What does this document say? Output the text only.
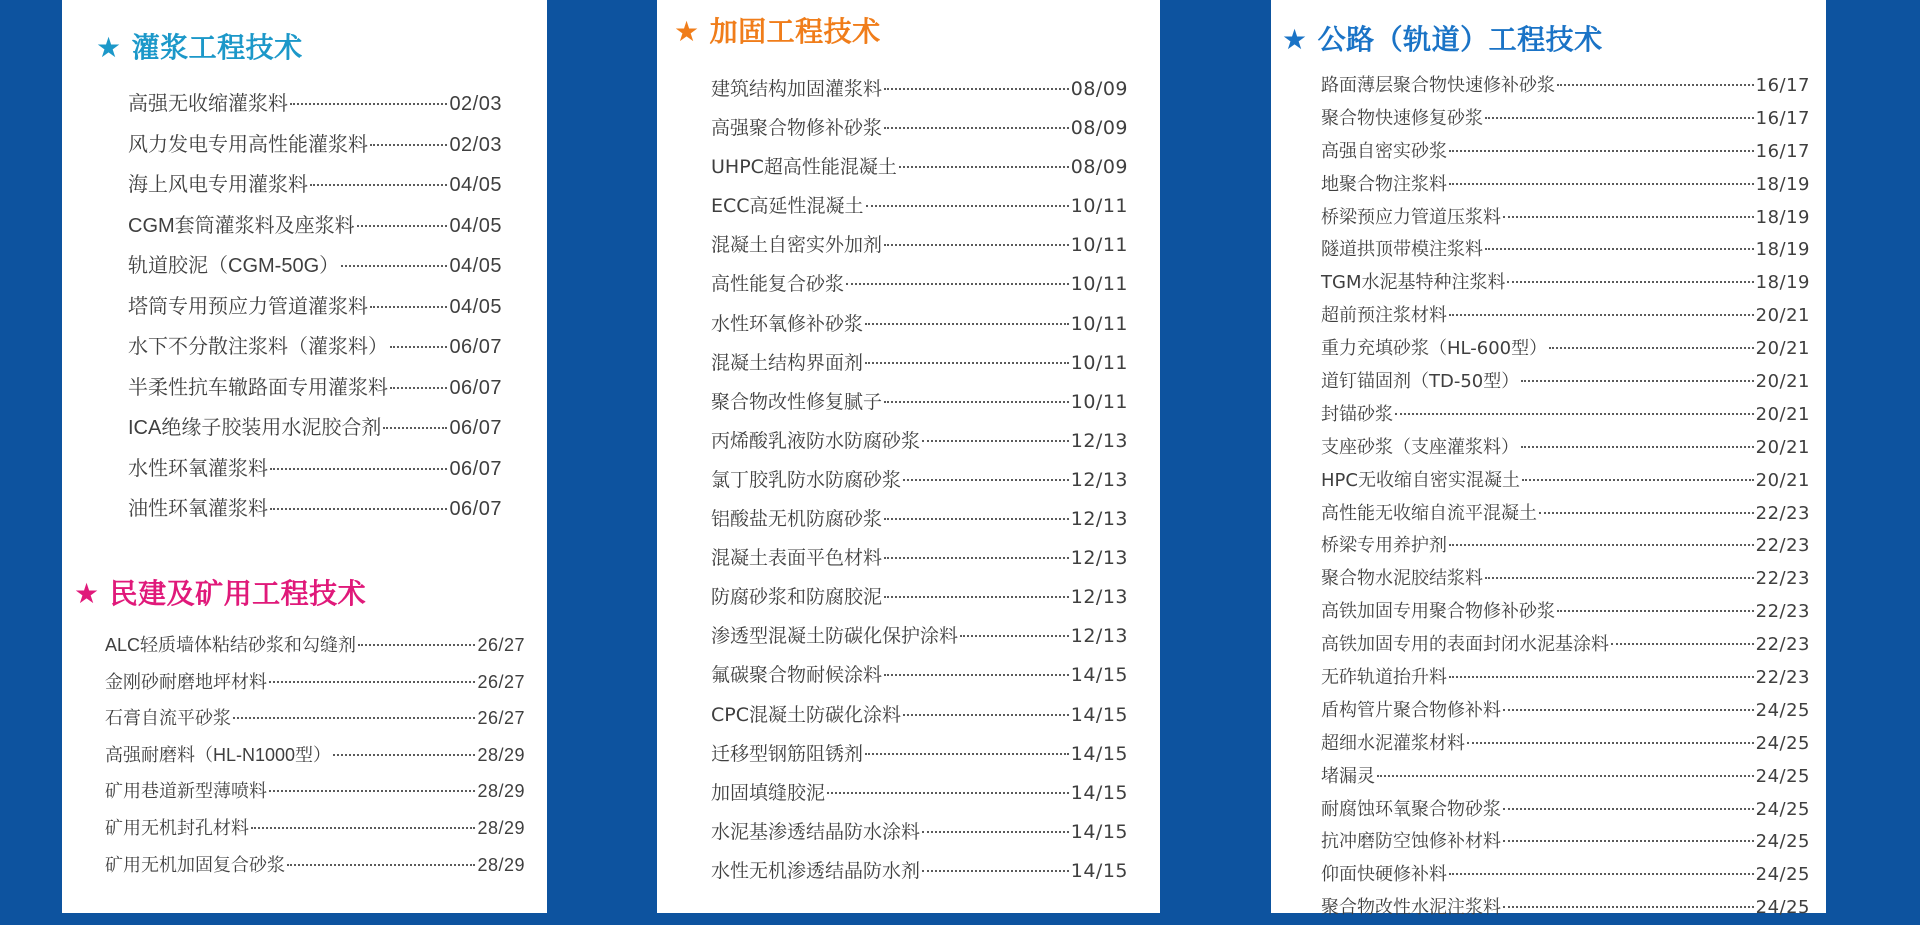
★ 灌浆工程技术
高强无收缩灌浆料	02/03
风力发电专用高性能灌浆料	02/03
海上风电专用灌浆料	04/05
CGM套筒灌浆料及座浆料	04/05
轨道胶泥（CGM-50G）	04/05
塔筒专用预应力管道灌浆料	04/05
水下不分散注浆料（灌浆料）	06/07
半柔性抗车辙路面专用灌浆料	06/07
ICA绝缘子胶装用水泥胶合剂	06/07
水性环氧灌浆料	06/07
油性环氧灌浆料	06/07
★ 民建及矿用工程技术
ALC轻质墙体粘结砂浆和勾缝剂	26/27
金刚砂耐磨地坪材料	26/27
石膏自流平砂浆	26/27
高强耐磨料（HL-N1000型）	28/29
矿用巷道新型薄喷料	28/29
矿用无机封孔材料	28/29
矿用无机加固复合砂浆	28/29
★ 加固工程技术
建筑结构加固灌浆料	08/09
高强聚合物修补砂浆	08/09
UHPC超高性能混凝土	08/09
ECC高延性混凝土	10/11
混凝土自密实外加剂	10/11
高性能复合砂浆	10/11
水性环氧修补砂浆	10/11
混凝土结构界面剂	10/11
聚合物改性修复腻子	10/11
丙烯酸乳液防水防腐砂浆	12/13
氯丁胶乳防水防腐砂浆	12/13
铝酸盐无机防腐砂浆	12/13
混凝土表面平色材料	12/13
防腐砂浆和防腐胶泥	12/13
渗透型混凝土防碳化保护涂料	12/13
氟碳聚合物耐候涂料	14/15
CPC混凝土防碳化涂料	14/15
迁移型钢筋阻锈剂	14/15
加固填缝胶泥	14/15
水泥基渗透结晶防水涂料	14/15
水性无机渗透结晶防水剂	14/15
★ 公路（轨道）工程技术
路面薄层聚合物快速修补砂浆	16/17
聚合物快速修复砂浆	16/17
高强自密实砂浆	16/17
地聚合物注浆料	18/19
桥梁预应力管道压浆料	18/19
隧道拱顶带模注浆料	18/19
TGM水泥基特种注浆料	18/19
超前预注浆材料	20/21
重力充填砂浆（HL-600型）	20/21
道钉锚固剂（TD-50型）	20/21
封锚砂浆	20/21
支座砂浆（支座灌浆料）	20/21
HPC无收缩自密实混凝土	20/21
高性能无收缩自流平混凝土	22/23
桥梁专用养护剂	22/23
聚合物水泥胶结浆料	22/23
高铁加固专用聚合物修补砂浆	22/23
高铁加固专用的表面封闭水泥基涂料	22/23
无砟轨道抬升料	22/23
盾构管片聚合物修补料	24/25
超细水泥灌浆材料	24/25
堵漏灵	24/25
耐腐蚀环氧聚合物砂浆	24/25
抗冲磨防空蚀修补材料	24/25
仰面快硬修补料	24/25
聚合物改性水泥注浆料	24/25
